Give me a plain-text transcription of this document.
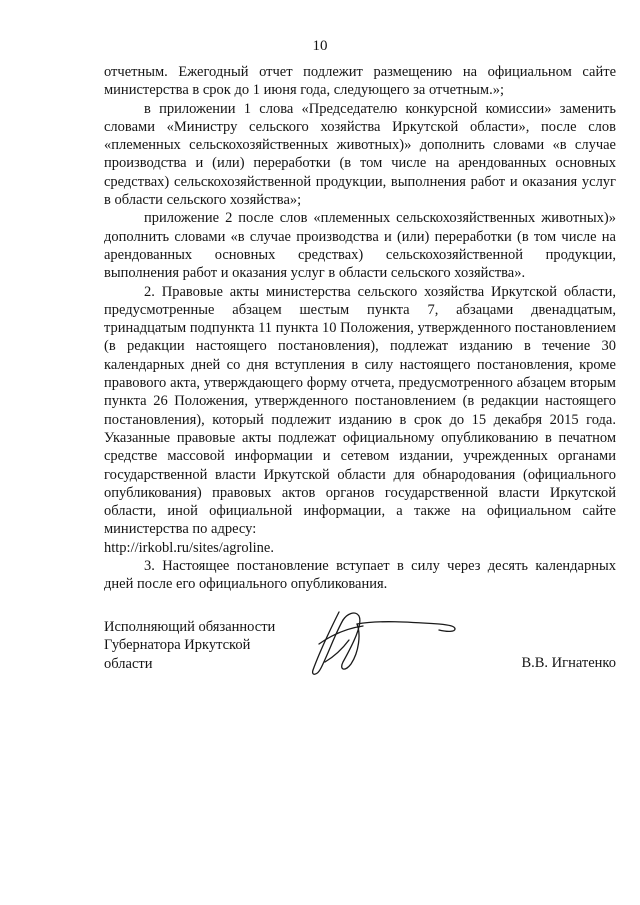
10

отчетным. Ежегодный отчет подлежит размещению на официальном сайте министерства в срок до 1 июня года, следующего за отчетным.»;

в приложении 1 слова «Председателю конкурсной комиссии» заменить словами «Министру сельского хозяйства Иркутской области», после слов «племенных сельскохозяйственных животных)» дополнить словами «в случае производства и (или) переработки (в том числе на арендованных основных средствах) сельскохозяйственной продукции, выполнения работ и оказания услуг в области сельского хозяйства»;

приложение 2 после слов «племенных сельскохозяйственных животных)» дополнить словами «в случае производства и (или) переработки (в том числе на арендованных основных средствах) сельскохозяйственной продукции, выполнения работ и оказания услуг в области сельского хозяйства».

2. Правовые акты министерства сельского хозяйства Иркутской области, предусмотренные абзацем шестым пункта 7, абзацами двенадцатым, тринадцатым подпункта 11 пункта 10 Положения, утвержденного постановлением (в редакции настоящего постановления), подлежат изданию в течение 30 календарных дней со дня вступления в силу настоящего постановления, кроме правового акта, утверждающего форму отчета, предусмотренного абзацем вторым пункта 26 Положения, утвержденного постановлением (в редакции настоящего постановления), который подлежит изданию в срок до 15 декабря 2015 года. Указанные правовые акты подлежат официальному опубликованию в печатном средстве массовой информации и сетевом издании, учрежденных органами государственной власти Иркутской области для обнародования (официального опубликования) правовых актов органов государственной власти Иркутской области, иной официальной информации, а также на официальном сайте министерства по адресу:

http://irkobl.ru/sites/agroline.

3. Настоящее постановление вступает в силу через десять календарных дней после его официального опубликования.

Исполняющий обязанности
Губернатора Иркутской
области	В.В. Игнатенко
